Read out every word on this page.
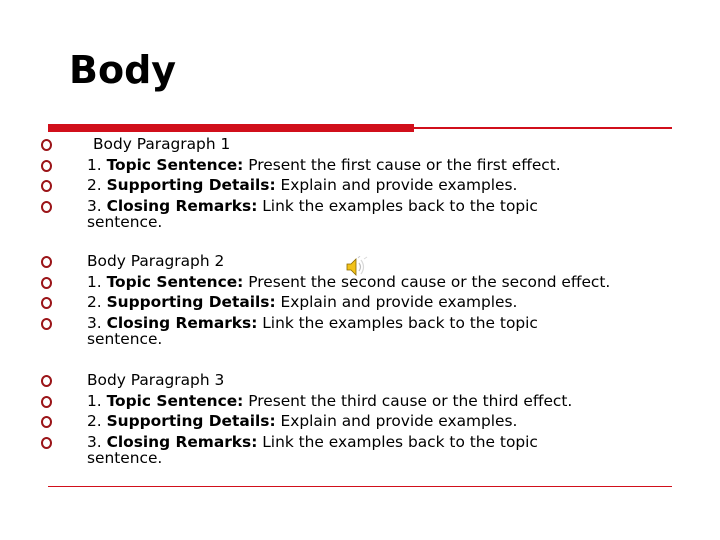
Body
Body Paragraph 1
1. Topic Sentence: Present the first cause or the first effect.
2. Supporting Details: Explain and provide examples.
3. Closing Remarks: Link the examples back to the topic
sentence.
Body Paragraph 2
1. Topic Sentence: Present the second cause or the second effect.
2. Supporting Details: Explain and provide examples.
3. Closing Remarks: Link the examples back to the topic
sentence.
Body Paragraph 3
1. Topic Sentence: Present the third cause or the third effect.
2. Supporting Details: Explain and provide examples.
3. Closing Remarks: Link the examples back to the topic
sentence.
